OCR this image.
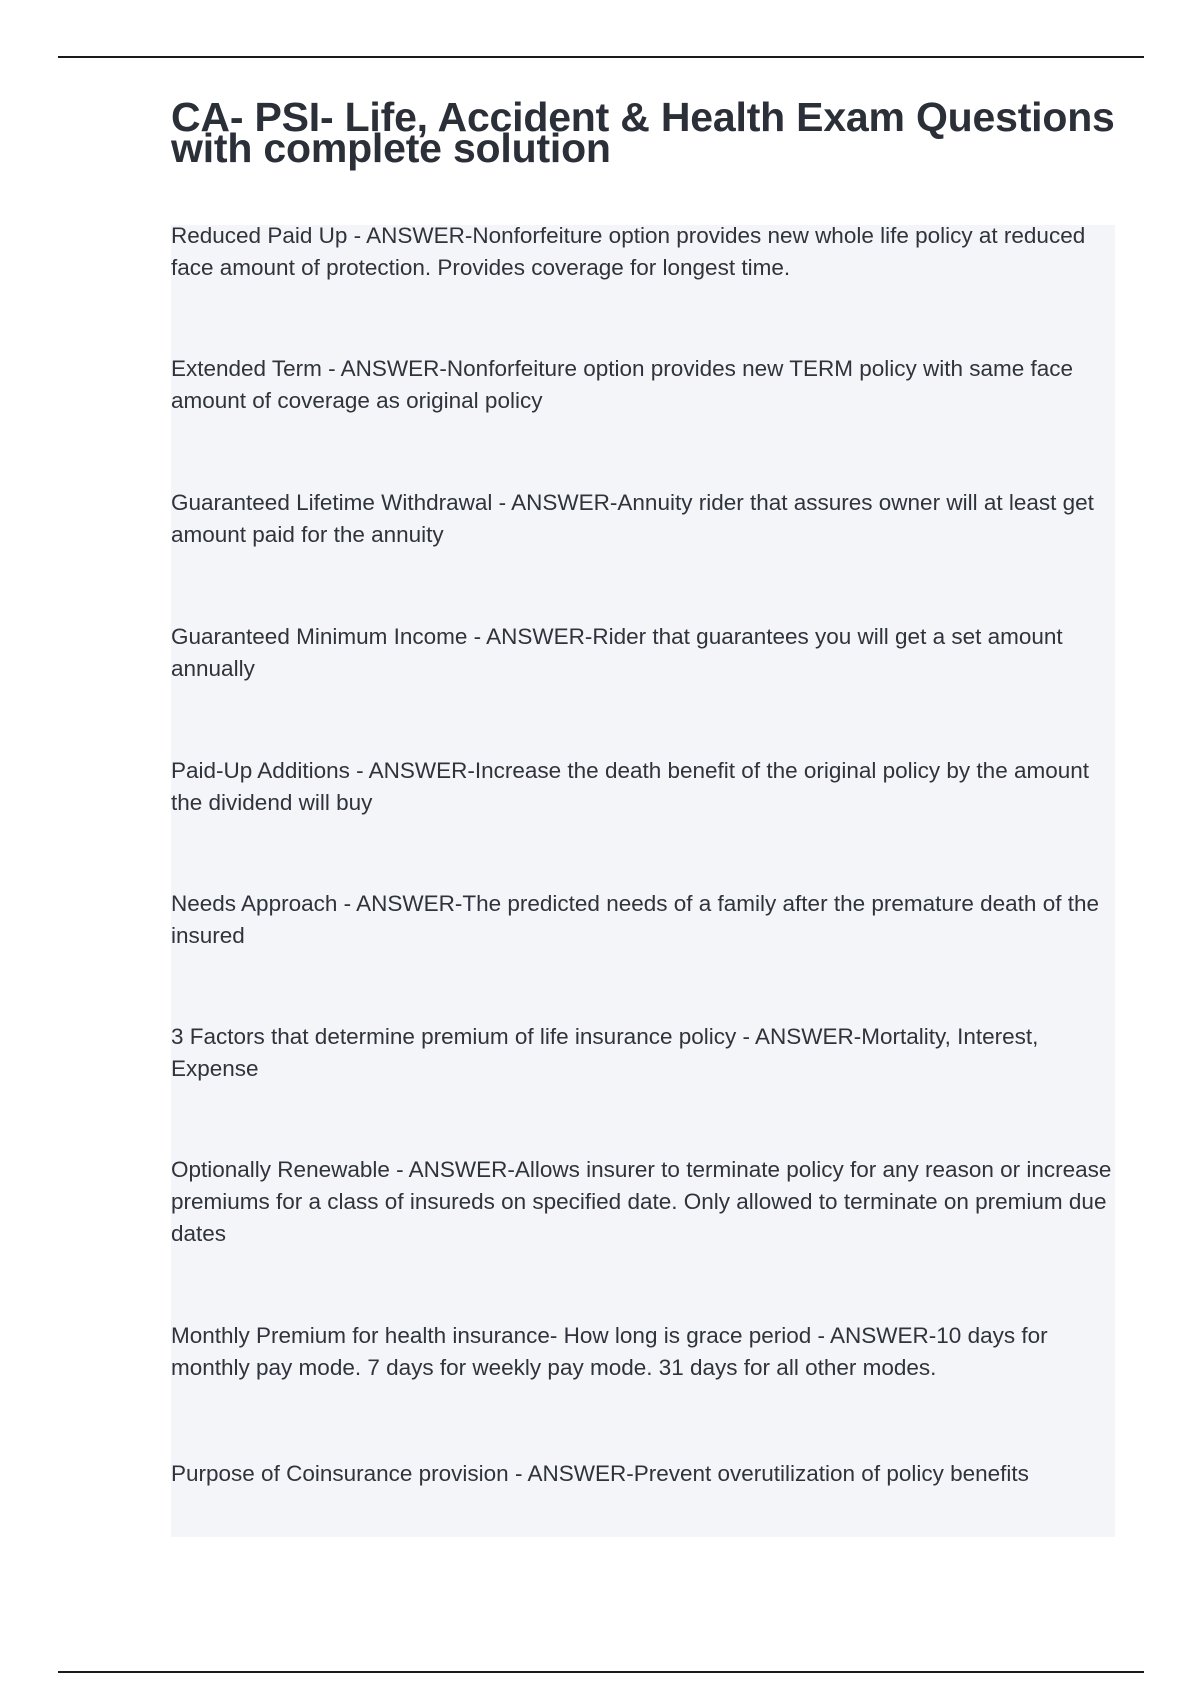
CA- PSI- Life, Accident & Health Exam Questions with complete solution
Reduced Paid Up - ANSWER-Nonforfeiture option provides new whole life policy at reduced face amount of protection. Provides coverage for longest time.
Extended Term - ANSWER-Nonforfeiture option provides new TERM policy with same face amount of coverage as original policy
Guaranteed Lifetime Withdrawal - ANSWER-Annuity rider that assures owner will at least get amount paid for the annuity
Guaranteed Minimum Income - ANSWER-Rider that guarantees you will get a set amount annually
Paid-Up Additions - ANSWER-Increase the death benefit of the original policy by the amount the dividend will buy
Needs Approach - ANSWER-The predicted needs of a family after the premature death of the insured
3 Factors that determine premium of life insurance policy - ANSWER-Mortality, Interest, Expense
Optionally Renewable - ANSWER-Allows insurer to terminate policy for any reason or increase premiums for a class of insureds on specified date. Only allowed to terminate on premium due dates
Monthly Premium for health insurance- How long is grace period - ANSWER-10 days for monthly pay mode. 7 days for weekly pay mode. 31 days for all other modes.
Purpose of Coinsurance provision - ANSWER-Prevent overutilization of policy benefits
